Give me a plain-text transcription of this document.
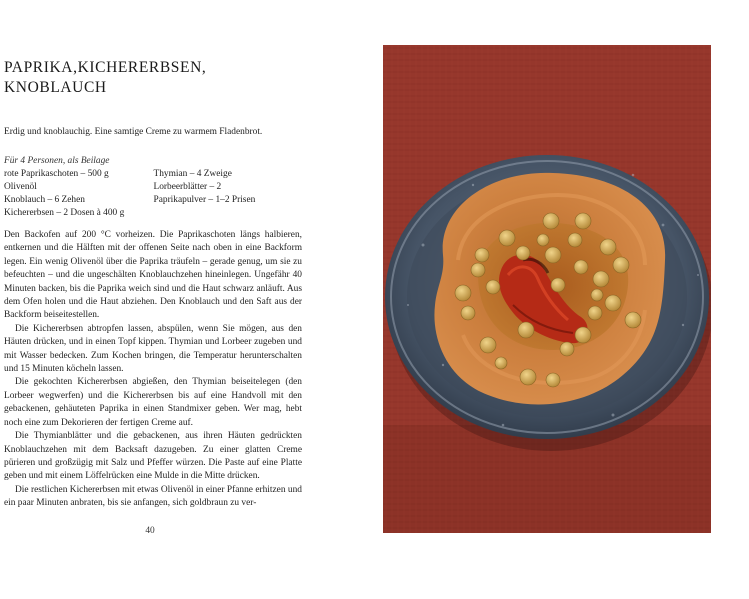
PAPRIKA,KICHERERBSEN,
KNOBLAUCH

Erdig und knoblauchig. Eine samtige Creme zu warmem Fladenbrot.

Für 4 Personen, als Beilage

rote Paprikaschoten – 500 g
Olivenöl
Knoblauch – 6 Zehen
Kichererbsen – 2 Dosen à 400 g
Thymian – 4 Zweige
Lorbeerblätter – 2
Paprikapulver – 1–2 Prisen

Den Backofen auf 200 °C vorheizen. Die Paprikaschoten längs halbieren, entkernen und die Hälften mit der offenen Seite nach oben in eine Backform legen. Ein wenig Olivenöl über die Paprika träufeln – gerade genug, um sie zu befeuchten – und die ungeschälten Knoblauchzehen hineinlegen. Ungefähr 40 Minuten backen, bis die Paprika weich sind und die Haut schwarz anläuft. Aus dem Ofen holen und die Haut abziehen. Den Knoblauch und den Saft aus der Backform beiseitestellen.

Die Kichererbsen abtropfen lassen, abspülen, wenn Sie mögen, aus den Häuten drücken, und in einen Topf kippen. Thymian und Lorbeer zugeben und mit Wasser bedecken. Zum Kochen bringen, die Temperatur herunterschalten und 15 Minuten köcheln lassen.

Die gekochten Kichererbsen abgießen, den Thymian beiseitelegen (den Lorbeer wegwerfen) und die Kichererbsen bis auf eine Handvoll mit den gebackenen, gehäuteten Paprika in einen Standmixer geben. Wer mag, hebt noch eine zum Dekorieren der fertigen Creme auf.

Die Thymianblätter und die gebackenen, aus ihren Häuten gedrückten Knoblauchzehen mit dem Backsaft dazugeben. Zu einer glatten Creme pürieren und großzügig mit Salz und Pfeffer würzen. Die Paste auf eine Platte geben und mit einem Löffelrücken eine Mulde in die Mitte drücken.

Die restlichen Kichererbsen mit etwas Olivenöl in einer Pfanne erhitzen und ein paar Minuten anbraten, bis sie anfangen, sich goldbraun zu ver-

40
